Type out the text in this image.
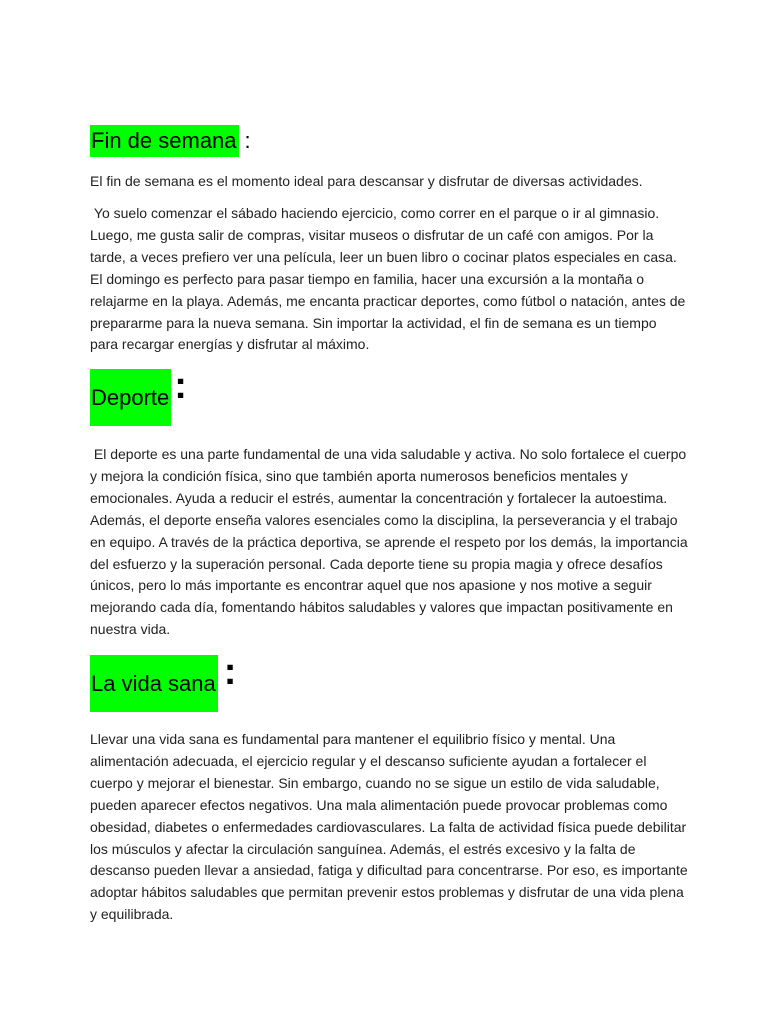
Fin de semana :

El fin de semana es el momento ideal para descansar y disfrutar de diversas actividades.

Yo suelo comenzar el sábado haciendo ejercicio, como correr en el parque o ir al gimnasio. Luego, me gusta salir de compras, visitar museos o disfrutar de un café con amigos. Por la tarde, a veces prefiero ver una película, leer un buen libro o cocinar platos especiales en casa. El domingo es perfecto para pasar tiempo en familia, hacer una excursión a la montaña o relajarme en la playa. Además, me encanta practicar deportes, como fútbol o natación, antes de prepararme para la nueva semana. Sin importar la actividad, el fin de semana es un tiempo para recargar energías y disfrutar al máximo.

Deporte :

El deporte es una parte fundamental de una vida saludable y activa. No solo fortalece el cuerpo y mejora la condición física, sino que también aporta numerosos beneficios mentales y emocionales. Ayuda a reducir el estrés, aumentar la concentración y fortalecer la autoestima. Además, el deporte enseña valores esenciales como la disciplina, la perseverancia y el trabajo en equipo. A través de la práctica deportiva, se aprende el respeto por los demás, la importancia del esfuerzo y la superación personal. Cada deporte tiene su propia magia y ofrece desafíos únicos, pero lo más importante es encontrar aquel que nos apasione y nos motive a seguir mejorando cada día, fomentando hábitos saludables y valores que impactan positivamente en nuestra vida.

La vida sana :

Llevar una vida sana es fundamental para mantener el equilibrio físico y mental. Una alimentación adecuada, el ejercicio regular y el descanso suficiente ayudan a fortalecer el cuerpo y mejorar el bienestar. Sin embargo, cuando no se sigue un estilo de vida saludable, pueden aparecer efectos negativos. Una mala alimentación puede provocar problemas como obesidad, diabetes o enfermedades cardiovasculares. La falta de actividad física puede debilitar los músculos y afectar la circulación sanguínea. Además, el estrés excesivo y la falta de descanso pueden llevar a ansiedad, fatiga y dificultad para concentrarse. Por eso, es importante adoptar hábitos saludables que permitan prevenir estos problemas y disfrutar de una vida plena y equilibrada.
